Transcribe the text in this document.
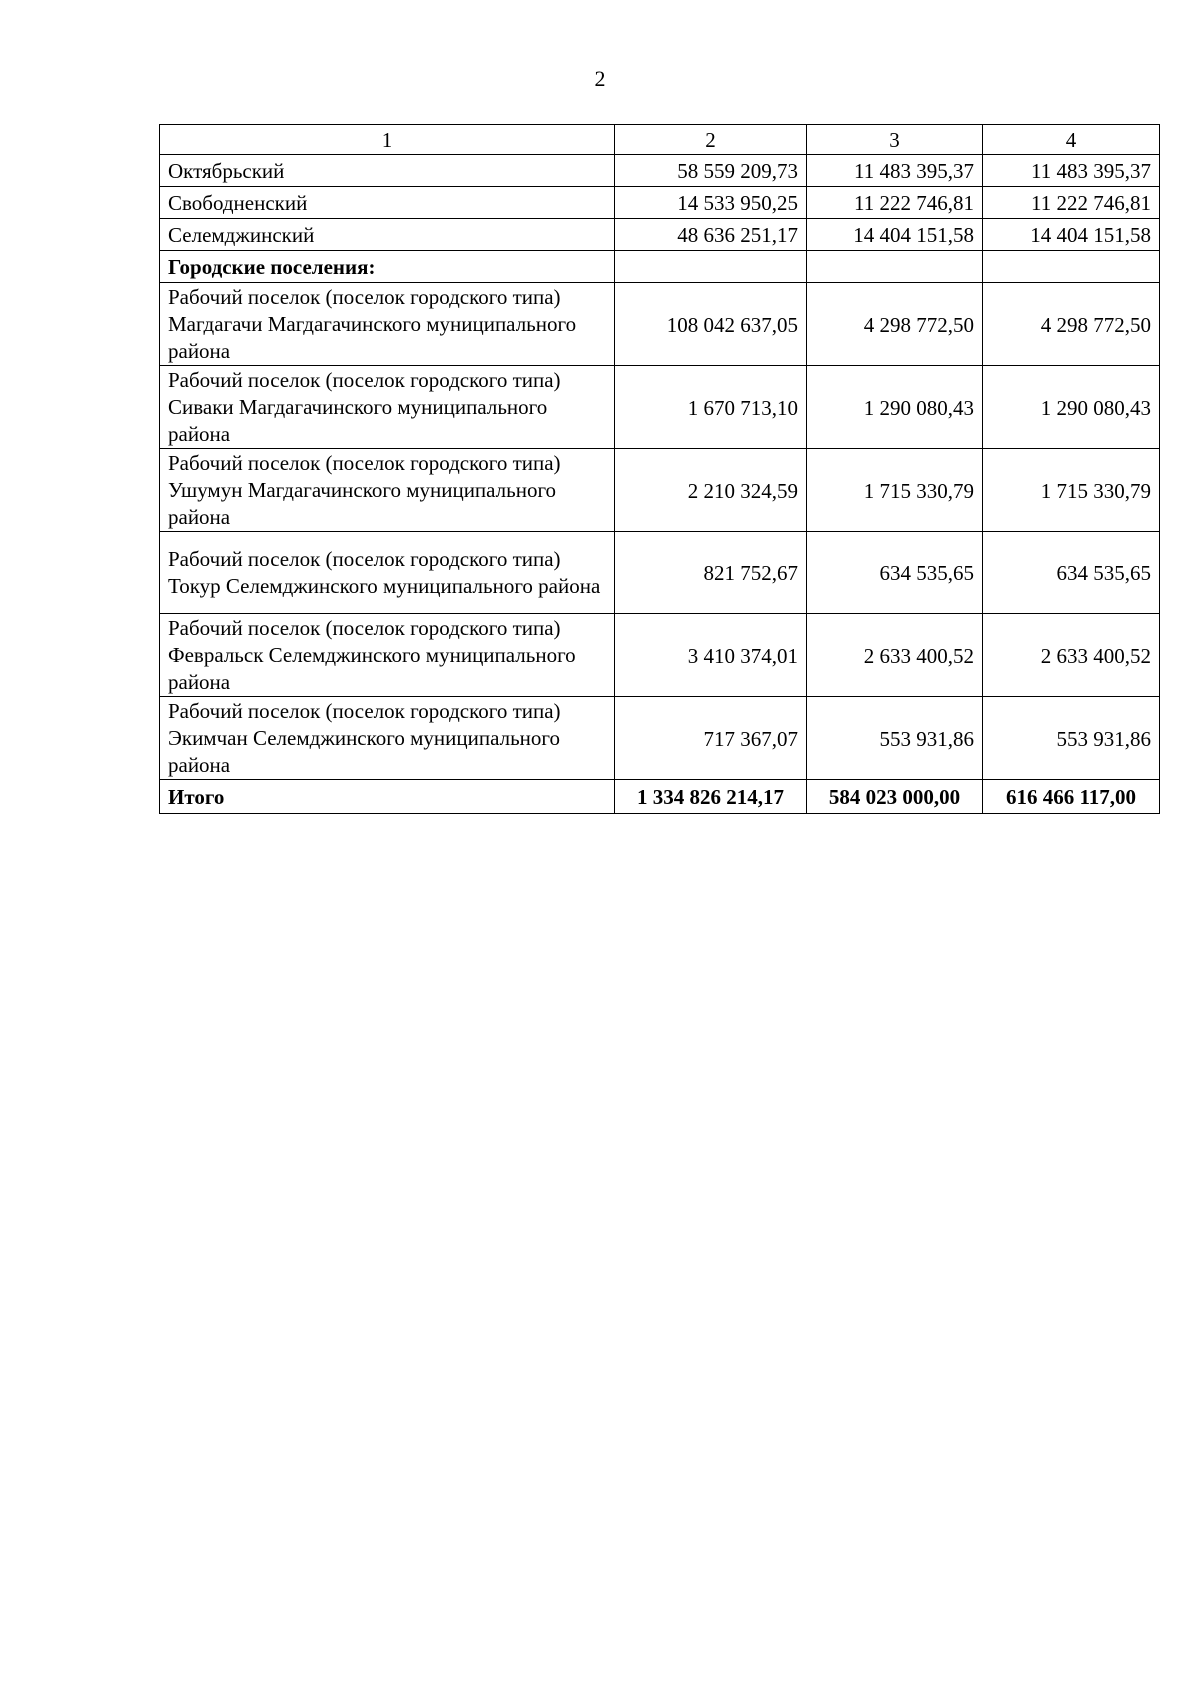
2
1	2	3	4
Октябрьский	58 559 209,73	11 483 395,37	11 483 395,37
Свободненский	14 533 950,25	11 222 746,81	11 222 746,81
Селемджинский	48 636 251,17	14 404 151,58	14 404 151,58
Городские поселения:			
Рабочий поселок (поселок городского типа) Магдагачи Магдагачинского муниципального района	108 042 637,05	4 298 772,50	4 298 772,50
Рабочий поселок (поселок городского типа) Сиваки Магдагачинского муниципального района	1 670 713,10	1 290 080,43	1 290 080,43
Рабочий поселок (поселок городского типа) Ушумун Магдагачинского муниципального района	2 210 324,59	1 715 330,79	1 715 330,79
Рабочий поселок (поселок городского типа) Токур Селемджинского муниципального района	821 752,67	634 535,65	634 535,65
Рабочий поселок (поселок городского типа) Февральск Селемджинского муниципального района	3 410 374,01	2 633 400,52	2 633 400,52
Рабочий поселок (поселок городского типа) Экимчан Селемджинского муниципального района	717 367,07	553 931,86	553 931,86
Итого	1 334 826 214,17	584 023 000,00	616 466 117,00
